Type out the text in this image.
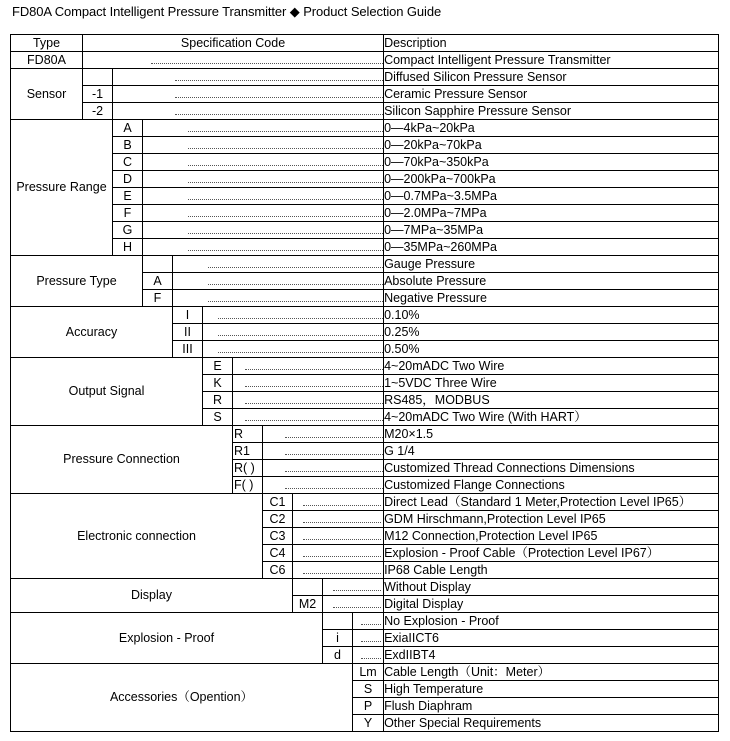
FD80A Compact Intelligent Pressure Transmitter ◆ Product Selection Guide
Type	Specification Code										Description
FD80A											Compact Intelligent Pressure Transmitter
Sensor											Diffused Silicon Pressure Sensor
	-1										Ceramic Pressure Sensor
	-2										Silicon Sapphire Pressure Sensor
Pressure Range		A									0—4kPa~20kPa
		B									0—20kPa~70kPa
		C									0—70kPa~350kPa
		D									0—200kPa~700kPa
		E									0—0.7MPa~3.5MPa
		F									0—2.0MPa~7MPa
		G									0—7MPa~35MPa
		H									0—35MPa~260MPa
Pressure Type											Gauge Pressure
			A								Absolute Pressure
			F								Negative Pressure
Accuracy				I							0.10%
				II							0.25%
				III							0.50%
Output Signal					E						4~20mADC Two Wire
					K						1~5VDC Three Wire
					R						RS485，MODBUS
					S						4~20mADC Two Wire (With HART）
Pressure Connection						R					M20×1.5
						R1					G 1/4
						R( )					Customized Thread Connections Dimensions
						F( )					Customized Flange Connections
Electronic connection							C1				Direct Lead（Standard 1 Meter,Protection Level IP65）
							C2				GDM Hirschmann,Protection Level IP65
							C3				M12 Connection,Protection Level IP65
							C4				Explosion - Proof Cable（Protection Level IP67）
							C6				IP68 Cable Length
Display											Without Display
								M2			Digital Display
Explosion - Proof											No Explosion - Proof
									i		ExiaIICT6
									d		ExdIIBT4
Accessories（Opention）										Lm	Cable Length（Unit：Meter）
										S	High Temperature
										P	Flush Diaphram
										Y	Other Special Requirements
